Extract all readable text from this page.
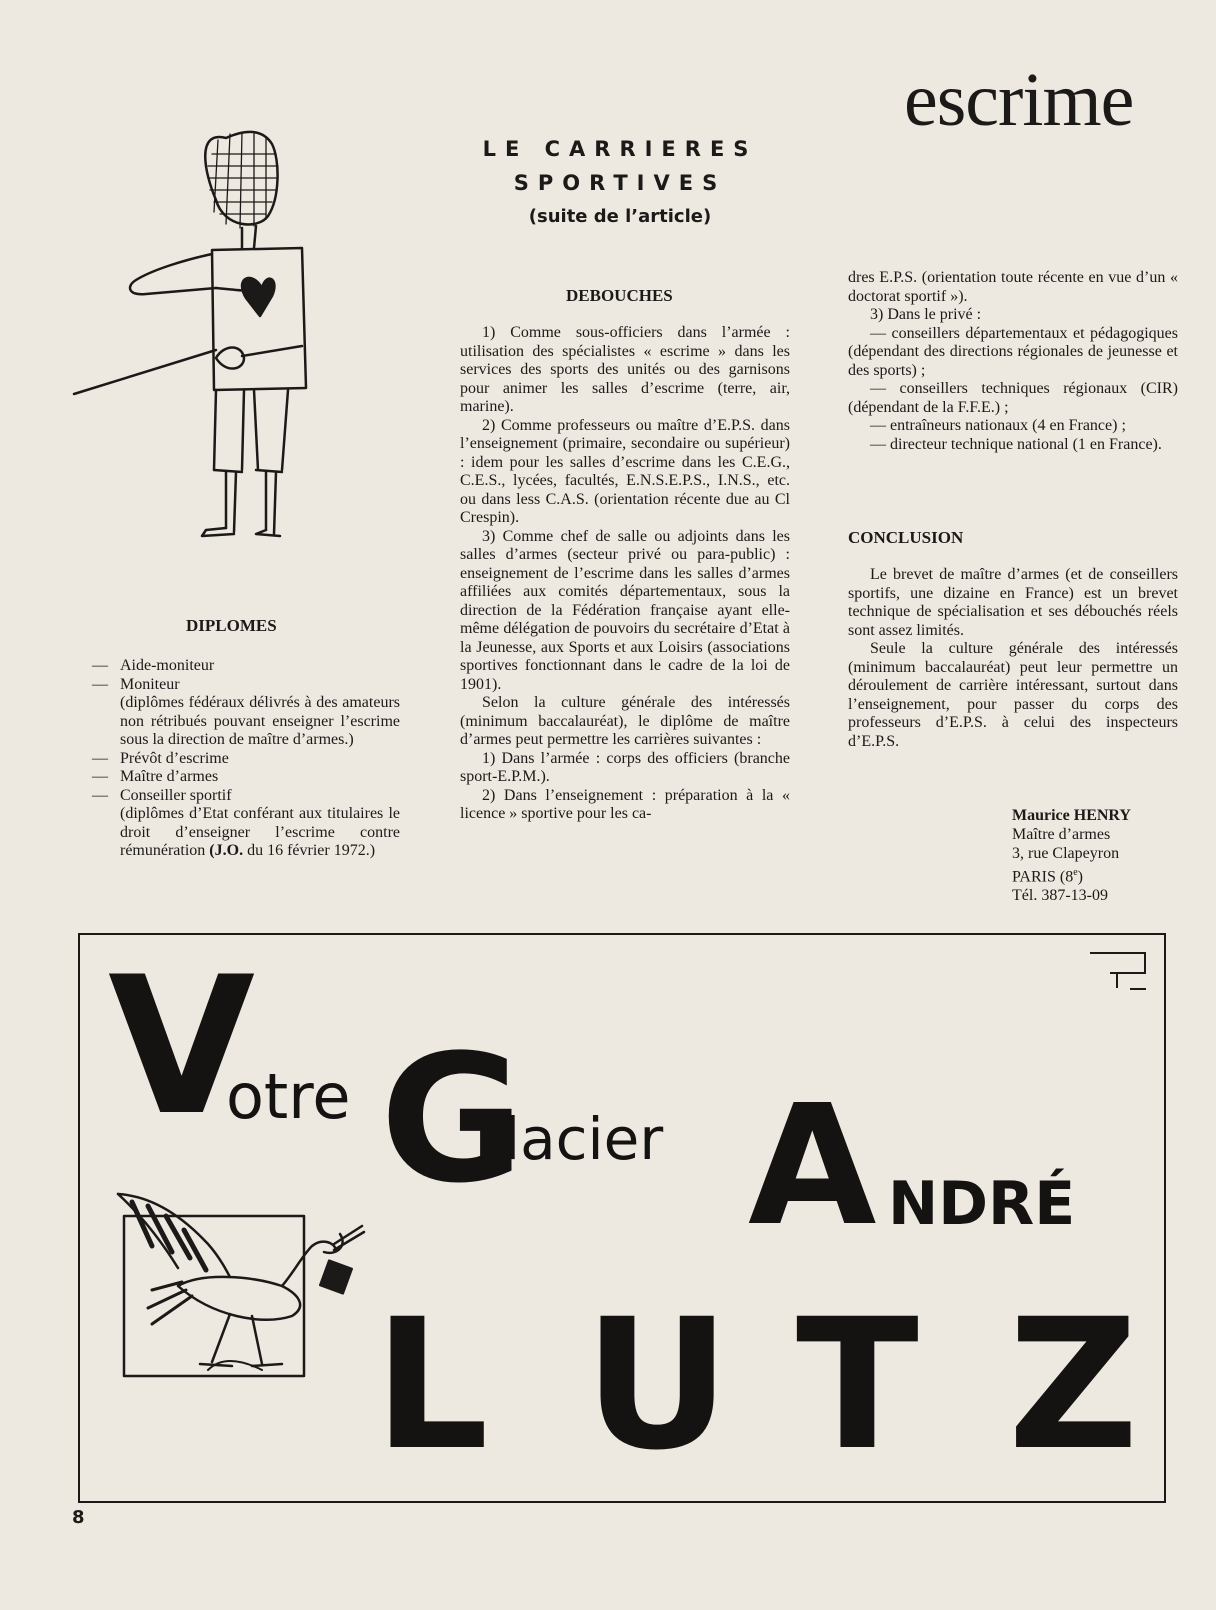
escrime
LE CARRIERES
SPORTIVES
(suite de l’article)
DIPLOMES
— Aide-moniteur
— Moniteur
(diplômes fédéraux délivrés à des amateurs non rétribués pouvant enseigner l’escrime sous la direction de maître d’armes.)
— Prévôt d’escrime
— Maître d’armes
— Conseiller sportif
(diplômes d’Etat conférant aux titulaires le droit d’enseigner l’escrime contre rémunération (J.O. du 16 février 1972.)
DEBOUCHES

1) Comme sous-officiers dans l’armée : utilisation des spécialistes « escrime » dans les services des sports des unités ou des garnisons pour animer les salles d’escrime (terre, air, marine).

2) Comme professeurs ou maître d’E.P.S. dans l’enseignement (primaire, secondaire ou supérieur) : idem pour les salles d’escrime dans les C.E.G., C.E.S., lycées, facultés, E.N.S.E.P.S., I.N.S., etc. ou dans less C.A.S. (orientation récente due au Cl Crespin).

3) Comme chef de salle ou adjoints dans les salles d’armes (secteur privé ou para-public) : enseignement de l’escrime dans les salles d’armes affiliées aux comités départementaux, sous la direction de la Fédération française ayant elle-même délégation de pouvoirs du secrétaire d’Etat à la Jeunesse, aux Sports et aux Loisirs (associations sportives fonctionnant dans le cadre de la loi de 1901).

Selon la culture générale des intéressés (minimum baccalauréat), le diplôme de maître d’armes peut permettre les carrières suivantes :

1) Dans l’armée : corps des officiers (branche sport-E.P.M.).

2) Dans l’enseignement : préparation à la « licence » sportive pour les ca-

dres E.P.S. (orientation toute récente en vue d’un « doctorat sportif »).

3) Dans le privé :

— conseillers départementaux et pédagogiques (dépendant des directions régionales de jeunesse et des sports) ;

— conseillers techniques régionaux (CIR) (dépendant de la F.F.E.) ;

— entraîneurs nationaux (4 en France) ;

— directeur technique national (1 en France).

CONCLUSION

Le brevet de maître d’armes (et de conseillers sportifs, une dizaine en France) est un brevet technique de spécialisation et ses débouchés réels sont assez limités.

Seule la culture générale des intéressés (minimum baccalauréat) peut leur permettre un déroulement de carrière intéressant, surtout dans l’enseignement, pour passer du corps des professeurs d’E.P.S. à celui des inspecteurs d’E.P.S.

Maurice HENRY
Maître d’armes
3, rue Clapeyron
PARIS (8e)
Tél. 387-13-09
V
otre G
lacier A NDRÉ
L U T Z
8
